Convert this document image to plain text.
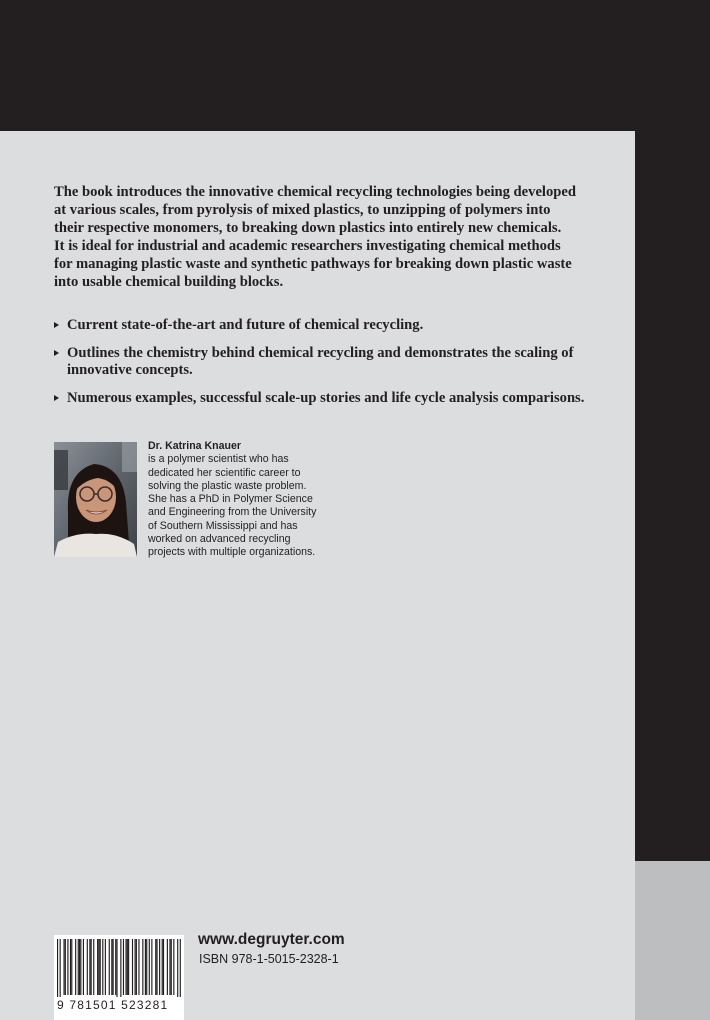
The book introduces the innovative chemical recycling technologies being developed
at various scales, from pyrolysis of mixed plastics, to unzipping of polymers into
their respective monomers, to breaking down plastics into entirely new chemicals.
It is ideal for industrial and academic researchers investigating chemical methods
for managing plastic waste and synthetic pathways for breaking down plastic waste
into usable chemical building blocks.

Current state-of-the-art and future of chemical recycling.
Outlines the chemistry behind chemical recycling and demonstrates the scaling of
innovative concepts.
Numerous examples, successful scale-up stories and life cycle analysis comparisons.
Dr. Katrina Knauer
is a polymer scientist who has
dedicated her scientific career to
solving the plastic waste problem.
She has a PhD in Polymer Science
and Engineering from the University
of Southern Mississippi and has
worked on advanced recycling
projects with multiple organizations.
9 781501 523281
www.degruyter.com
ISBN 978-1-5015-2328-1
